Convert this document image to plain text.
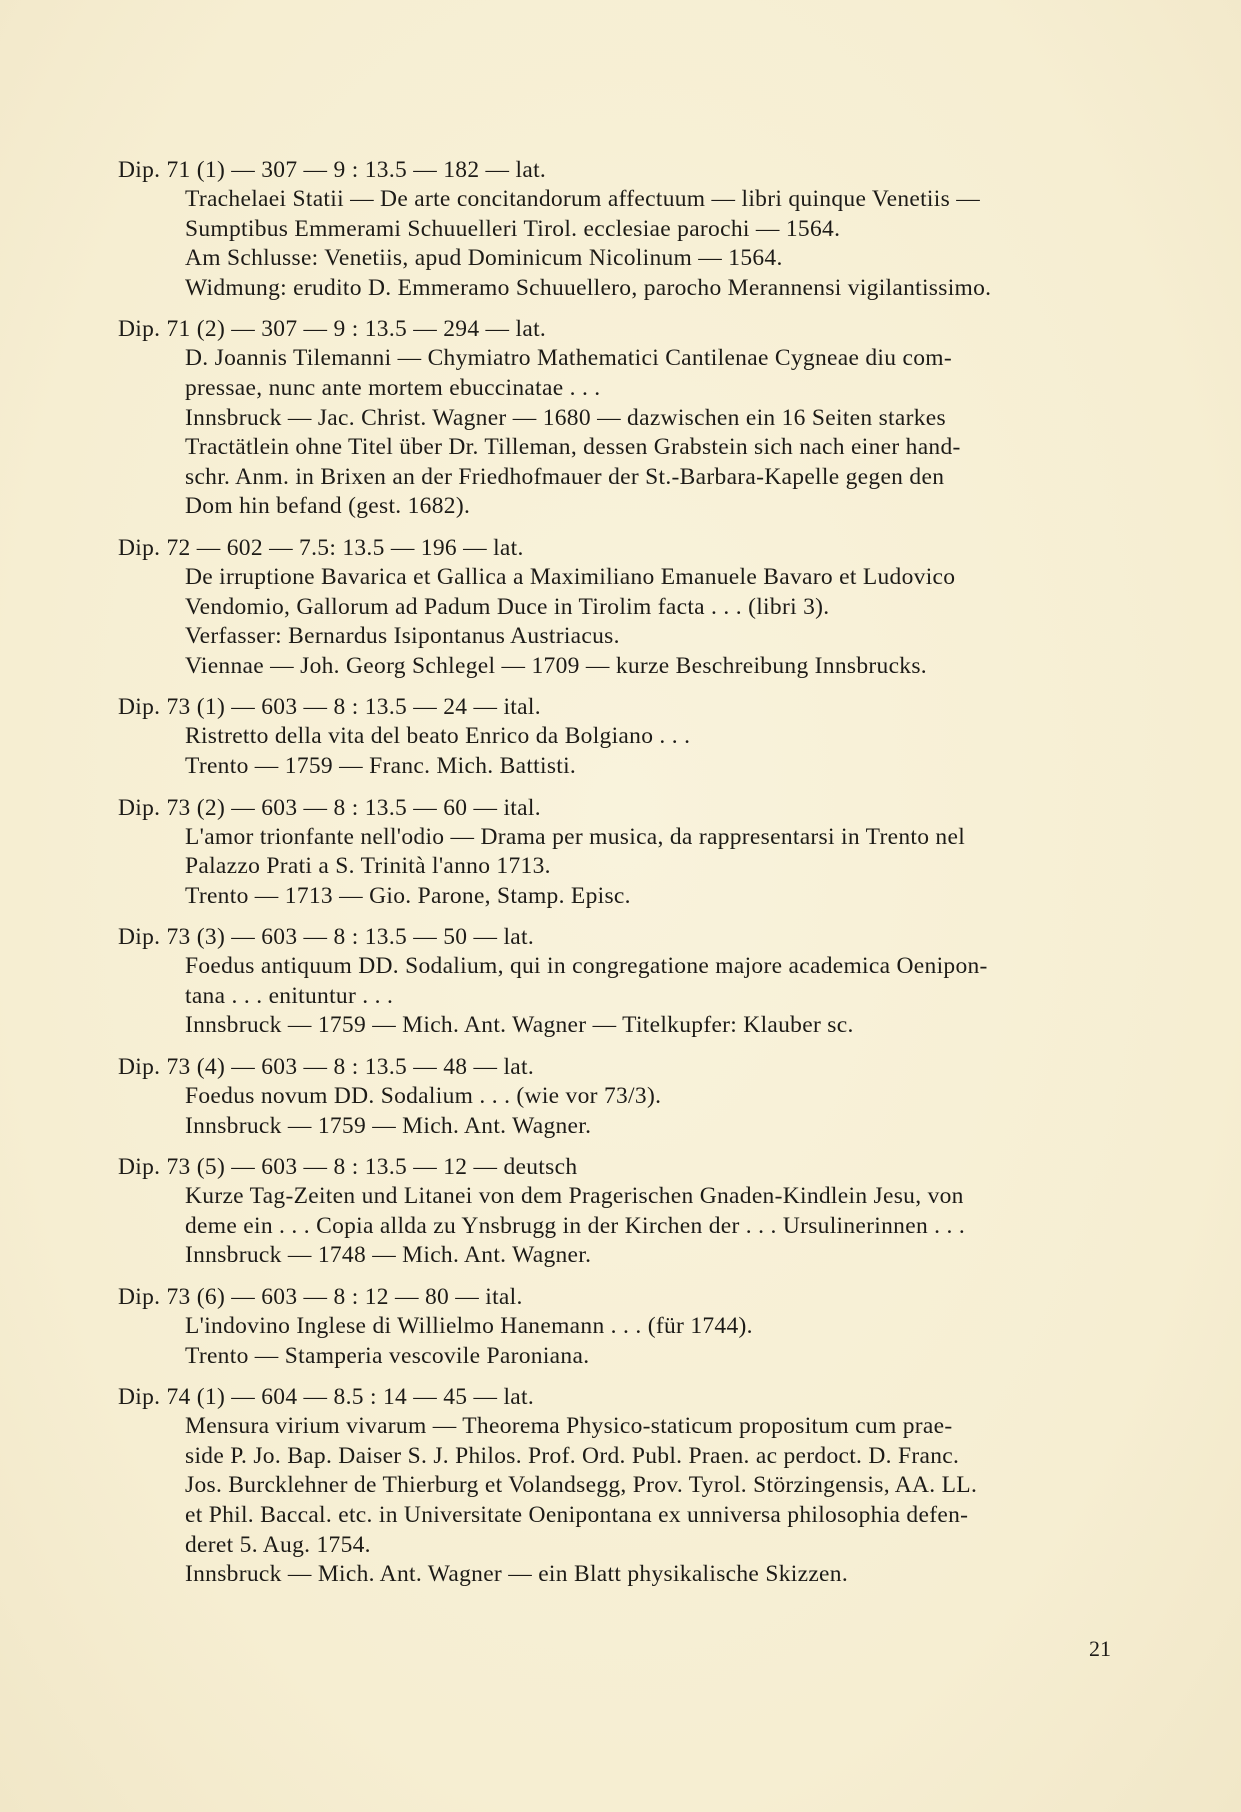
Dip. 71 (1) — 307 — 9 : 13.5 — 182 — lat.
Trachelaei Statii — De arte concitandorum affectuum — libri quinque Venetiis —
Sumptibus Emmerami Schuuelleri Tirol. ecclesiae parochi — 1564.
Am Schlusse: Venetiis, apud Dominicum Nicolinum — 1564.
Widmung: erudito D. Emmeramo Schuuellero, parocho Merannensi vigilantissimo.
Dip. 71 (2) — 307 — 9 : 13.5 — 294 — lat.
D. Joannis Tilemanni — Chymiatro Mathematici Cantilenae Cygneae diu com-
pressae, nunc ante mortem ebuccinatae . . .
Innsbruck — Jac. Christ. Wagner — 1680 — dazwischen ein 16 Seiten starkes
Tractätlein ohne Titel über Dr. Tilleman, dessen Grabstein sich nach einer hand-
schr. Anm. in Brixen an der Friedhofmauer der St.-Barbara-Kapelle gegen den
Dom hin befand (gest. 1682).
Dip. 72 — 602 — 7.5: 13.5 — 196 — lat.
De irruptione Bavarica et Gallica a Maximiliano Emanuele Bavaro et Ludovico
Vendomio, Gallorum ad Padum Duce in Tirolim facta . . . (libri 3).
Verfasser: Bernardus Isipontanus Austriacus.
Viennae — Joh. Georg Schlegel — 1709 — kurze Beschreibung Innsbrucks.
Dip. 73 (1) — 603 — 8 : 13.5 — 24 — ital.
Ristretto della vita del beato Enrico da Bolgiano . . .
Trento — 1759 — Franc. Mich. Battisti.
Dip. 73 (2) — 603 — 8 : 13.5 — 60 — ital.
L'amor trionfante nell'odio — Drama per musica, da rappresentarsi in Trento nel
Palazzo Prati a S. Trinità l'anno 1713.
Trento — 1713 — Gio. Parone, Stamp. Episc.
Dip. 73 (3) — 603 — 8 : 13.5 — 50 — lat.
Foedus antiquum DD. Sodalium, qui in congregatione majore academica Oenipon-
tana . . . enituntur . . .
Innsbruck — 1759 — Mich. Ant. Wagner — Titelkupfer: Klauber sc.
Dip. 73 (4) — 603 — 8 : 13.5 — 48 — lat.
Foedus novum DD. Sodalium . . . (wie vor 73/3).
Innsbruck — 1759 — Mich. Ant. Wagner.
Dip. 73 (5) — 603 — 8 : 13.5 — 12 — deutsch
Kurze Tag-Zeiten und Litanei von dem Pragerischen Gnaden-Kindlein Jesu, von
deme ein . . . Copia allda zu Ynsbrugg in der Kirchen der . . . Ursulinerinnen . . .
Innsbruck — 1748 — Mich. Ant. Wagner.
Dip. 73 (6) — 603 — 8 : 12 — 80 — ital.
L'indovino Inglese di Willielmo Hanemann . . . (für 1744).
Trento — Stamperia vescovile Paroniana.
Dip. 74 (1) — 604 — 8.5 : 14 — 45 — lat.
Mensura virium vivarum — Theorema Physico-staticum propositum cum prae-
side P. Jo. Bap. Daiser S. J. Philos. Prof. Ord. Publ. Praen. ac perdoct. D. Franc.
Jos. Burcklehner de Thierburg et Volandsegg, Prov. Tyrol. Störzingensis, AA. LL.
et Phil. Baccal. etc. in Universitate Oenipontana ex unniversa philosophia defen-
deret 5. Aug. 1754.
Innsbruck — Mich. Ant. Wagner — ein Blatt physikalische Skizzen.
21
